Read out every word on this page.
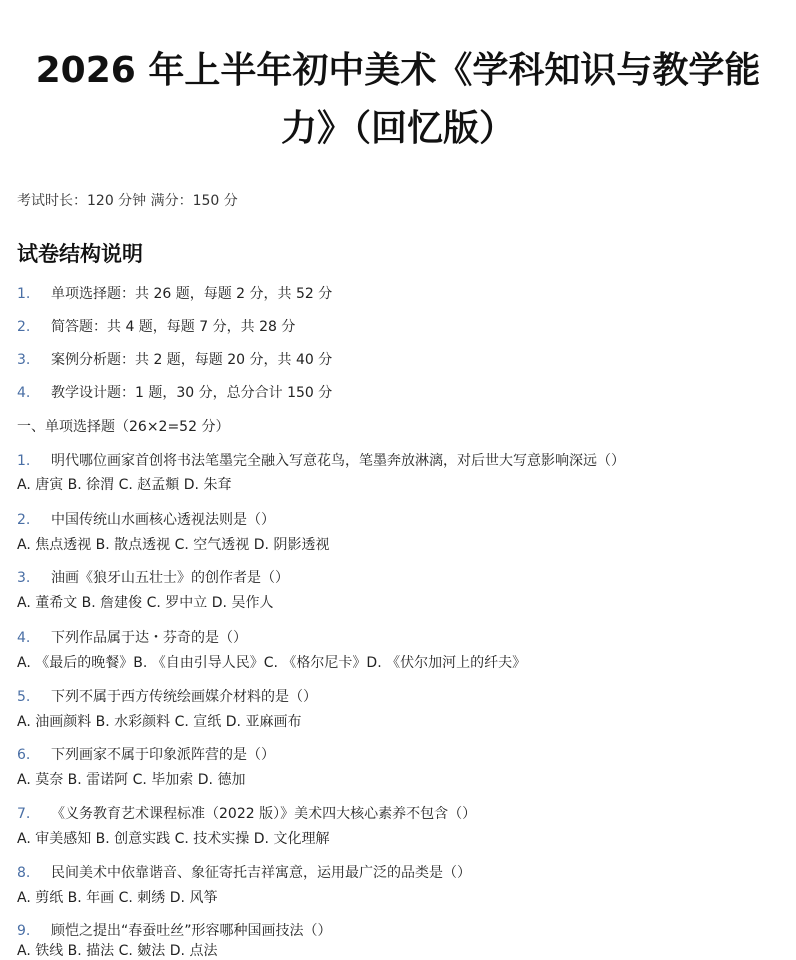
2026 年上半年初中美术《学科知识与教学能
力》（回忆版）
考试时长：120 分钟 满分：150 分
试卷结构说明
1. 单项选择题：共 26 题，每题 2 分，共 52 分
2. 简答题：共 4 题，每题 7 分，共 28 分
3. 案例分析题：共 2 题，每题 20 分，共 40 分
4. 教学设计题：1 题，30 分，总分合计 150 分
一、单项选择题（26×2=52 分）
1. 明代哪位画家首创将书法笔墨完全融入写意花鸟，笔墨奔放淋漓，对后世大写意影响深远（）
A. 唐寅 B. 徐渭 C. 赵孟頫 D. 朱耷
2. 中国传统山水画核心透视法则是（）
A. 焦点透视 B. 散点透视 C. 空气透视 D. 阴影透视
3. 油画《狼牙山五壮士》的创作者是（）
A. 董希文 B. 詹建俊 C. 罗中立 D. 吴作人
4. 下列作品属于达・芬奇的是（）
A. 《最后的晚餐》B. 《自由引导人民》C. 《格尔尼卡》D. 《伏尔加河上的纤夫》
5. 下列不属于西方传统绘画媒介材料的是（）
A. 油画颜料 B. 水彩颜料 C. 宣纸 D. 亚麻画布
6. 下列画家不属于印象派阵营的是（）
A. 莫奈 B. 雷诺阿 C. 毕加索 D. 德加
7. 《义务教育艺术课程标准（2022 版）》美术四大核心素养不包含（）
A. 审美感知 B. 创意实践 C. 技术实操 D. 文化理解
8. 民间美术中依靠谐音、象征寄托吉祥寓意，运用最广泛的品类是（）
A. 剪纸 B. 年画 C. 刺绣 D. 风筝
9. 顾恺之提出“春蚕吐丝”形容哪种国画技法（）
A. 铁线 B. 描法 C. 皴法 D. 点法
